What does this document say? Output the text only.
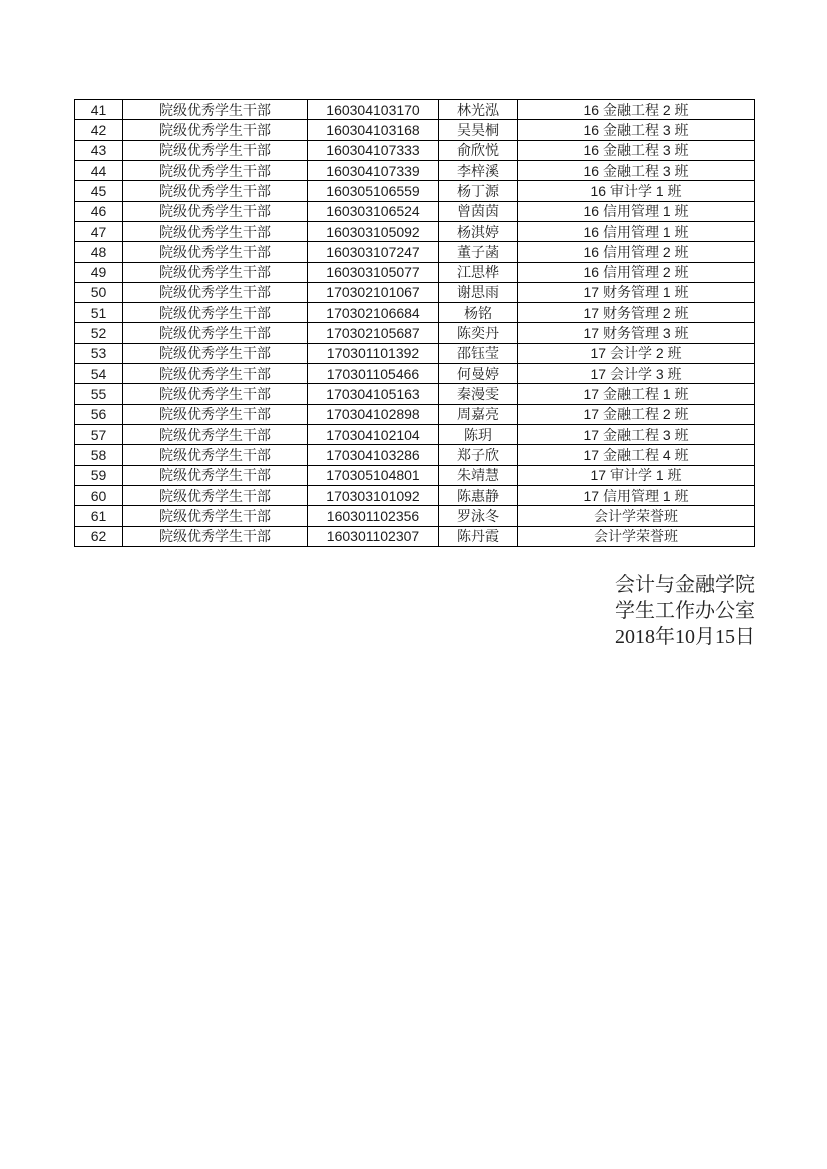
41	院级优秀学生干部	160304103170	林光泓	16 金融工程 2 班
42	院级优秀学生干部	160304103168	吴昊桐	16 金融工程 3 班
43	院级优秀学生干部	160304107333	俞欣悦	16 金融工程 3 班
44	院级优秀学生干部	160304107339	李梓溪	16 金融工程 3 班
45	院级优秀学生干部	160305106559	杨丁源	16 审计学 1 班
46	院级优秀学生干部	160303106524	曾茵茵	16 信用管理 1 班
47	院级优秀学生干部	160303105092	杨淇婷	16 信用管理 1 班
48	院级优秀学生干部	160303107247	董子菡	16 信用管理 2 班
49	院级优秀学生干部	160303105077	江思桦	16 信用管理 2 班
50	院级优秀学生干部	170302101067	谢思雨	17 财务管理 1 班
51	院级优秀学生干部	170302106684	杨铭	17 财务管理 2 班
52	院级优秀学生干部	170302105687	陈奕丹	17 财务管理 3 班
53	院级优秀学生干部	170301101392	邵钰莹	17 会计学 2 班
54	院级优秀学生干部	170301105466	何曼婷	17 会计学 3 班
55	院级优秀学生干部	170304105163	秦漫雯	17 金融工程 1 班
56	院级优秀学生干部	170304102898	周嘉亮	17 金融工程 2 班
57	院级优秀学生干部	170304102104	陈玥	17 金融工程 3 班
58	院级优秀学生干部	170304103286	郑子欣	17 金融工程 4 班
59	院级优秀学生干部	170305104801	朱靖慧	17 审计学 1 班
60	院级优秀学生干部	170303101092	陈惠静	17 信用管理 1 班
61	院级优秀学生干部	160301102356	罗泳冬	会计学荣誉班
62	院级优秀学生干部	160301102307	陈丹霞	会计学荣誉班
会计与金融学院
学生工作办公室
2018年10月15日
